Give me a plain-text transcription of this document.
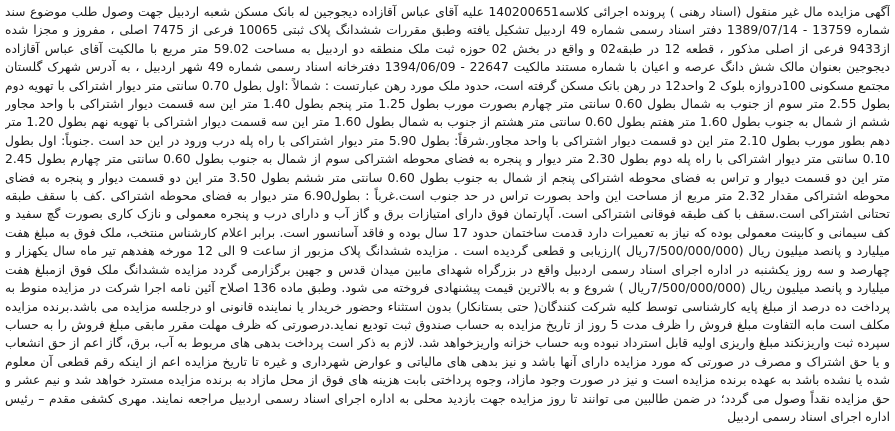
آگهی مزایده مال غیر منقول (اسناد رهنی ) پرونده اجرائی کلاسه140200651 علیه آقای عباس آقازاده دیجوجین له بانک مسکن شعبه اردبیل جهت وصول طلب موضوع سند شماره 13759 - 1389/07/14 دفتر اسناد رسمی شماره 49 اردبیل تشکیل یافته وطبق مقررات ششدانگ پلاک ثبتی 10065 فرعی از 7475 اصلی ، مفروز و مجزا شده از9433 فرعی از اصلی مذکور ، قطعه 12 در طبقه02 و واقع در بخش 02 حوزه ثبت ملک منطقه دو اردبیل به مساحت 59.02 متر مربع با مالکیت آقای عباس آقازاده دیجوجین بعنوان مالک شش دانگ عرصه و اعیان با شماره مستند مالکیت 22647 - 1394/06/09 دفترخانه اسناد رسمی شماره 49 شهر اردبیل ، به آدرس شهرک گلستان مجتمع مسکونی 100دروازه بلوک 2 واحد12 در رهن بانک مسکن گرفته است، حدود ملک مورد رهن عبارتست : شمالاً :اول بطول 0.70 سانتی متر دیوار اشتراکی با تهویه دوم بطول 2.55 متر سوم از جنوب به شمال بطول 0.60 سانتی متر چهارم بصورت مورب بطول 1.25 متر پنجم بطول 1.40 متر این سه قسمت دیوار اشتراکی با واحد مجاور ششم از شمال به جنوب بطول 1.60 متر هفتم بطول 0.60 سانتی متر هشتم از جنوب به شمال بطول 1.60 متر این سه قسمت دیوار اشتراکی با تهویه نهم بطول 1.20 متر دهم بطور مورب بطول 2.10 متر این دو قسمت دیوار اشتراکی با واحد مجاور.شرقاً: بطول 5.90 متر دیوار اشتراکی با راه پله درب ورود در این حد است .جنوباً: اول بطول 0.10 سانتی متر دیوار اشتراکی با راه پله دوم بطول 2.30 متر دیوار و پنجره به فضای محوطه اشتراکی سوم از شمال به جنوب بطول 0.60 سانتی متر چهارم بطول 2.45 متر این دو قسمت دیوار و تراس به فضای محوطه اشتراکی پنجم از شمال به جنوب بطول 0.60 سانتی متر ششم بطول 3.50 متر این دو قسمت دیوار و پنجره به فضای محوطه اشتراکی مقدار 2.32 متر مربع از مساحت این واحد بصورت تراس در حد جنوب است.غرباً : بطول6.90 متر دیوار به فضای محوطه اشتراکی .کف با سقف طبقه تحتانی اشتراکی است.سقف با کف طبقه فوقانی اشتراکی است. آپارتمان فوق دارای امتیازات برق و گاز آب و دارای درب و پنجره معمولی و نازک کاری بصورت گچ سفید و کف سیمانی و کابینت معمولی بوده که نیاز به تعمیرات دارد قدمت ساختمان حدود 17 سال بوده و فاقد آسانسور است. برابر اعلام کارشناس منتخب، ملک فوق به مبلغ هفت میلیارد و پانصد میلیون ریال (7/500/000/000ریال )ارزیابی و قطعی گردیده است . مزایده ششدانگ پلاک مزبور از ساعت 9 الی 12 مورخه هفدهم تیر ماه سال یکهزار و چهارصد و سه روز یکشنبه در اداره اجرای اسناد رسمی اردبیل واقع در بزرگراه شهدای مابین میدان قدس و جهین برگزارمی گردد مزایده ششدانگ ملک فوق ازمبلغ هفت میلیارد و پانصد میلیون ریال (7/500/000/000ریال ) شروع و به بالاترین قیمت پیشنهادی فروخته می شود. وطبق ماده 136 اصلاح آئین نامه اجرا شرکت در مزایده منوط به پرداخت ده درصد از مبلغ پایه کارشناسی توسط کلیه شرکت کنندگان( حتی بستانکار) بدون استثناء وحضور خریدار یا نماینده قانونی او درجلسه مزایده می باشد.برنده مزایده مکلف است مابه التفاوت مبلغ فروش را ظرف مدت 5 روز از تاریخ مزایده به حساب صندوق ثبت تودیع نماید.درصورتی که ظرف مهلت مقرر مابقی مبلغ فروش را به حساب سپرده ثبت واریزنکند مبلغ واریزی اولیه قابل استرداد نبوده وبه حساب خزانه واریزخواهد شد. لازم به ذکر است پرداخت بدهی های مربوط به آب، برق، گاز اعم از حق انشعاب و یا حق اشتراک و مصرف در صورتی که مورد مزایده دارای آنها باشد و نیز بدهی های مالیاتی و عوارض شهرداری و غیره تا تاریخ مزایده اعم از اینکه رقم قطعی آن معلوم شده یا نشده باشد به عهده برنده مزایده است و نیز در صورت وجود مازاد، وجوه پرداختی بابت هزینه های فوق از محل مازاد به برنده مزایده مسترد خواهد شد و نیم عشر و حق مزایده نقداً وصول می گردد؛ در ضمن طالبین می توانند تا روز مزایده جهت بازدید محلی به اداره اجرای اسناد رسمی اردبیل مراجعه نمایند. مهری کشفی مقدم – رئیس اداره اجرای اسناد رسمی اردبیل
